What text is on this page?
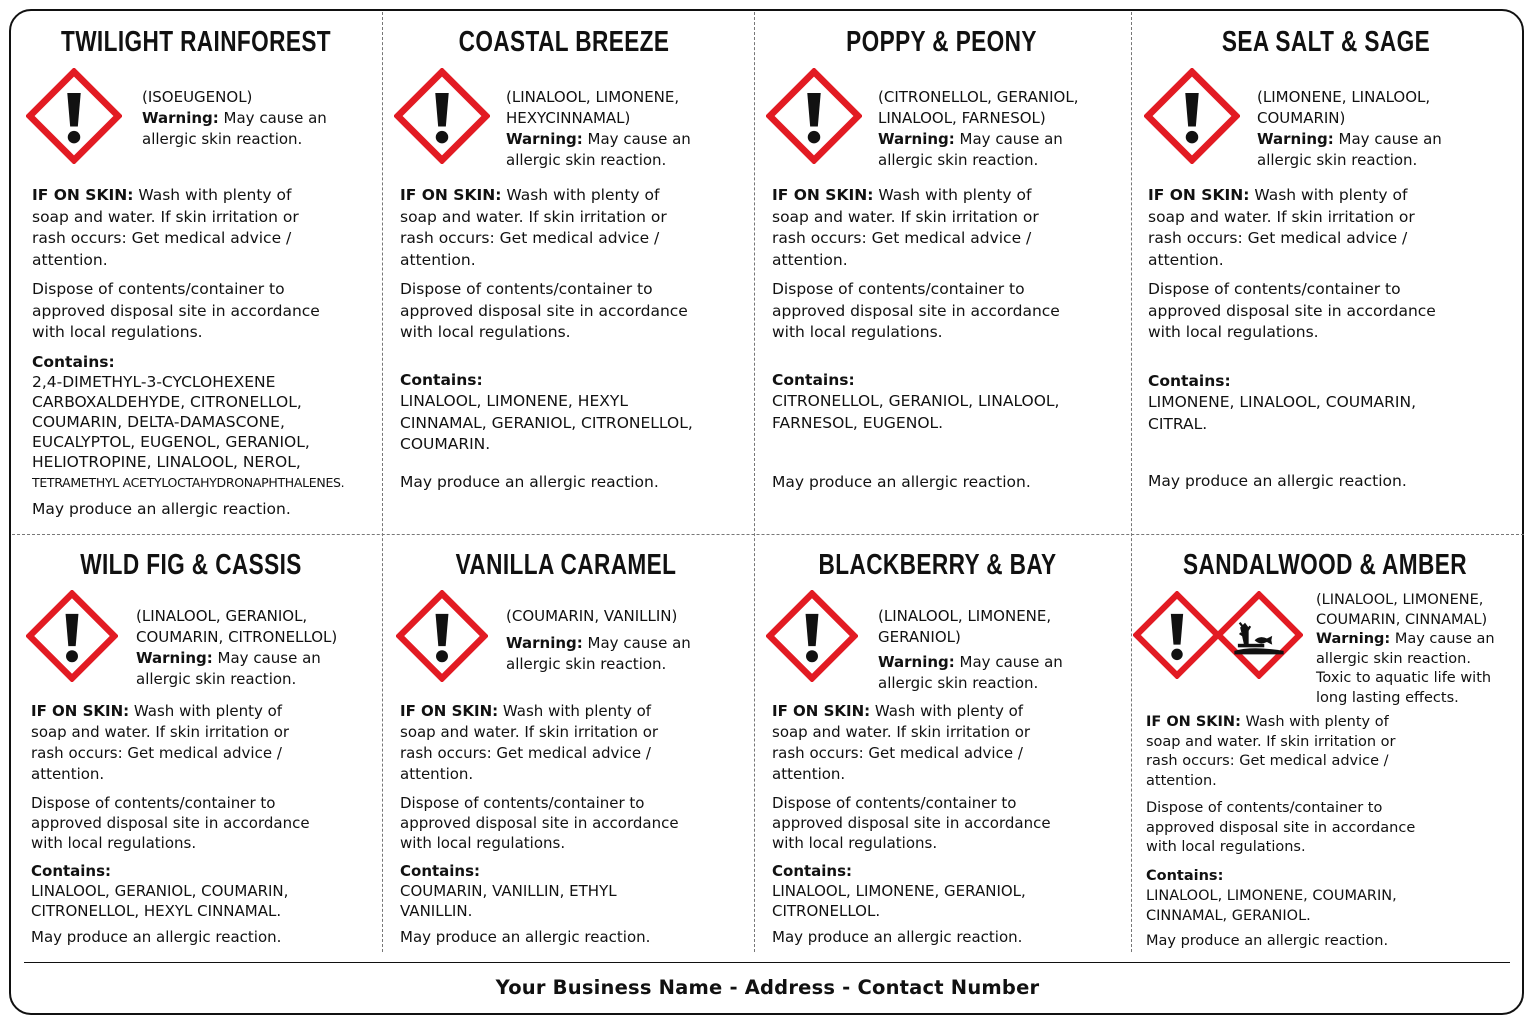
TWILIGHT RAINFOREST
(ISOEUGENOL)
Warning: May cause an
allergic skin reaction.

IF ON SKIN: Wash with plenty of
soap and water. If skin irritation or
rash occurs: Get medical advice /
attention.

Dispose of contents/container to
approved disposal site in accordance
with local regulations.

Contains:
2,4-DIMETHYL-3-CYCLOHEXENE
CARBOXALDEHYDE, CITRONELLOL,
COUMARIN, DELTA-DAMASCONE,
EUCALYPTOL, EUGENOL, GERANIOL,
HELIOTROPINE, LINALOOL, NEROL,
TETRAMETHYL ACETYLOCTAHYDRONAPHTHALENES.

May produce an allergic reaction.

COASTAL BREEZE
(LINALOOL, LIMONENE,
HEXYCINNAMAL)
Warning: May cause an
allergic skin reaction.

IF ON SKIN: Wash with plenty of
soap and water. If skin irritation or
rash occurs: Get medical advice /
attention.

Dispose of contents/container to
approved disposal site in accordance
with local regulations.

Contains:
LINALOOL, LIMONENE, HEXYL
CINNAMAL, GERANIOL, CITRONELLOL,
COUMARIN.

May produce an allergic reaction.

POPPY & PEONY
(CITRONELLOL, GERANIOL,
LINALOOL, FARNESOL)
Warning: May cause an
allergic skin reaction.

IF ON SKIN: Wash with plenty of
soap and water. If skin irritation or
rash occurs: Get medical advice /
attention.

Dispose of contents/container to
approved disposal site in accordance
with local regulations.

Contains:
CITRONELLOL, GERANIOL, LINALOOL,
FARNESOL, EUGENOL.

May produce an allergic reaction.

SEA SALT & SAGE
(LIMONENE, LINALOOL,
COUMARIN)
Warning: May cause an
allergic skin reaction.

IF ON SKIN: Wash with plenty of
soap and water. If skin irritation or
rash occurs: Get medical advice /
attention.

Dispose of contents/container to
approved disposal site in accordance
with local regulations.

Contains:
LIMONENE, LINALOOL, COUMARIN,
CITRAL.

May produce an allergic reaction.

WILD FIG & CASSIS
(LINALOOL, GERANIOL,
COUMARIN, CITRONELLOL)
Warning: May cause an
allergic skin reaction.

IF ON SKIN: Wash with plenty of
soap and water. If skin irritation or
rash occurs: Get medical advice /
attention.

Dispose of contents/container to
approved disposal site in accordance
with local regulations.

Contains:
LINALOOL, GERANIOL, COUMARIN,
CITRONELLOL, HEXYL CINNAMAL.

May produce an allergic reaction.

VANILLA CARAMEL
(COUMARIN, VANILLIN)
Warning: May cause an
allergic skin reaction.

IF ON SKIN: Wash with plenty of
soap and water. If skin irritation or
rash occurs: Get medical advice /
attention.

Dispose of contents/container to
approved disposal site in accordance
with local regulations.

Contains:
COUMARIN, VANILLIN, ETHYL
VANILLIN.

May produce an allergic reaction.

BLACKBERRY & BAY
(LINALOOL, LIMONENE,
GERANIOL)
Warning: May cause an
allergic skin reaction.

IF ON SKIN: Wash with plenty of
soap and water. If skin irritation or
rash occurs: Get medical advice /
attention.

Dispose of contents/container to
approved disposal site in accordance
with local regulations.

Contains:
LINALOOL, LIMONENE, GERANIOL,
CITRONELLOL.

May produce an allergic reaction.

SANDALWOOD & AMBER
(LINALOOL, LIMONENE,
COUMARIN, CINNAMAL)
Warning: May cause an
allergic skin reaction.
Toxic to aquatic life with
long lasting effects.

IF ON SKIN: Wash with plenty of
soap and water. If skin irritation or
rash occurs: Get medical advice /
attention.

Dispose of contents/container to
approved disposal site in accordance
with local regulations.

Contains:
LINALOOL, LIMONENE, COUMARIN,
CINNAMAL, GERANIOL.

May produce an allergic reaction.

Your Business Name - Address - Contact Number
